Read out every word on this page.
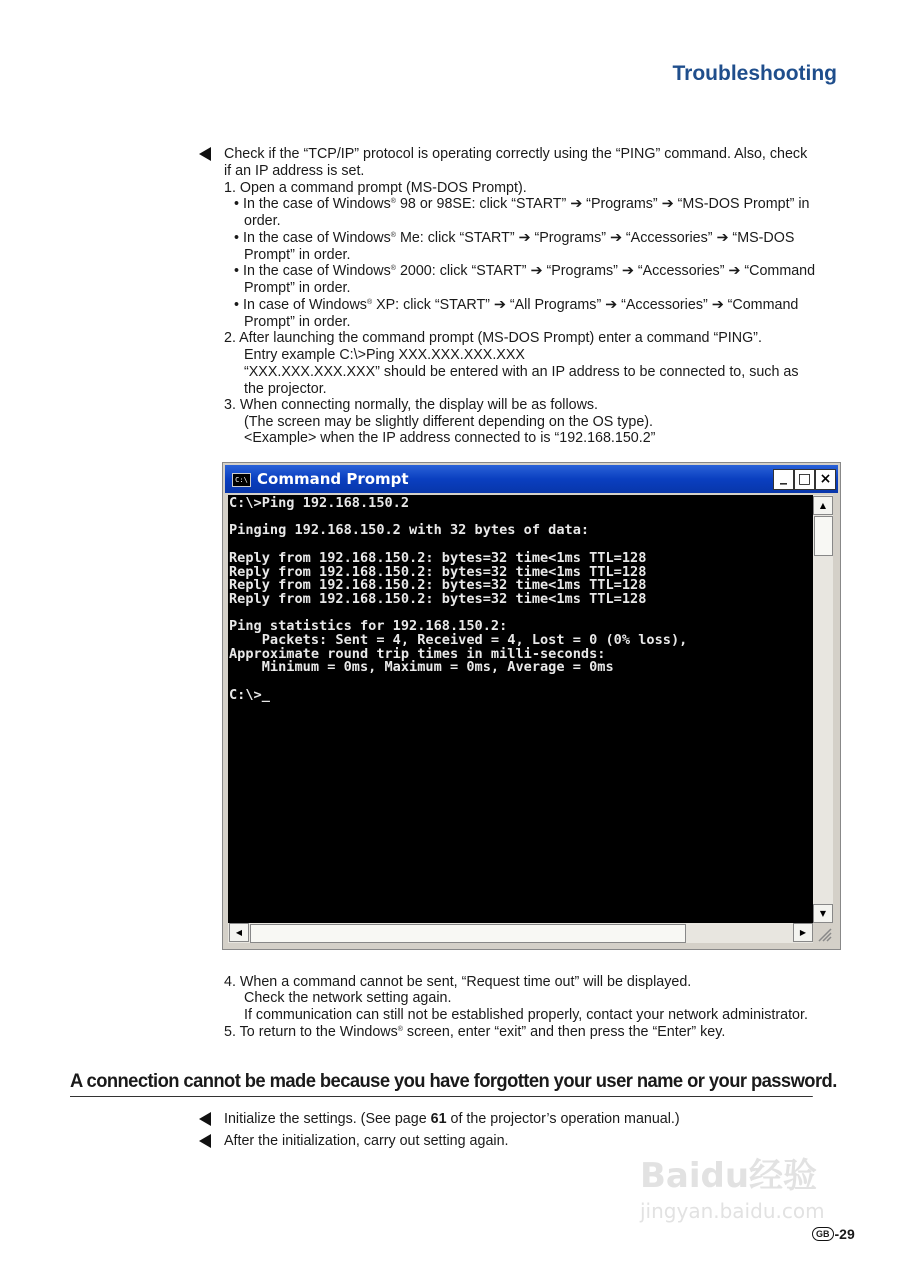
Troubleshooting
Check if the “TCP/IP” protocol is operating correctly using the “PING” command. Also, check
if an IP address is set.
1. Open a command prompt (MS-DOS Prompt).
• In the case of Windows® 98 or 98SE: click “START” ➔ “Programs” ➔ “MS-DOS Prompt” in
order.
• In the case of Windows® Me: click “START” ➔ “Programs” ➔ “Accessories” ➔ “MS-DOS
Prompt” in order.
• In the case of Windows® 2000: click “START” ➔ “Programs” ➔ “Accessories” ➔ “Command
Prompt” in order.
• In case of Windows® XP: click “START” ➔ “All Programs” ➔ “Accessories” ➔ “Command
Prompt” in order.
2. After launching the command prompt (MS-DOS Prompt) enter a command “PING”.
Entry example C:\>Ping XXX.XXX.XXX.XXX
“XXX.XXX.XXX.XXX” should be entered with an IP address to be connected to, such as
the projector.
3. When connecting normally, the display will be as follows.
(The screen may be slightly different depending on the OS type).
<Example> when the IP address connected to is “192.168.150.2”
C:\ Command Prompt	_ □ ×
C:\>Ping 192.168.150.2

Pinging 192.168.150.2 with 32 bytes of data:

Reply from 192.168.150.2: bytes=32 time<1ms TTL=128
Reply from 192.168.150.2: bytes=32 time<1ms TTL=128
Reply from 192.168.150.2: bytes=32 time<1ms TTL=128
Reply from 192.168.150.2: bytes=32 time<1ms TTL=128

Ping statistics for 192.168.150.2:
Packets: Sent = 4, Received = 4, Lost = 0 (0% loss),
Approximate round trip times in milli-seconds:
Minimum = 0ms, Maximum = 0ms, Average = 0ms

C:\>_
▲
▼
◀	▶
4. When a command cannot be sent, “Request time out” will be displayed.
Check the network setting again.
If communication can still not be established properly, contact your network administrator.
5. To return to the Windows® screen, enter “exit” and then press the “Enter” key.
A connection cannot be made because you have forgotten your user name or your password.
Initialize the settings. (See page 61 of the projector’s operation manual.)
After the initialization, carry out setting again.
Baidu经验
jingyan.baidu.com
GB -29
